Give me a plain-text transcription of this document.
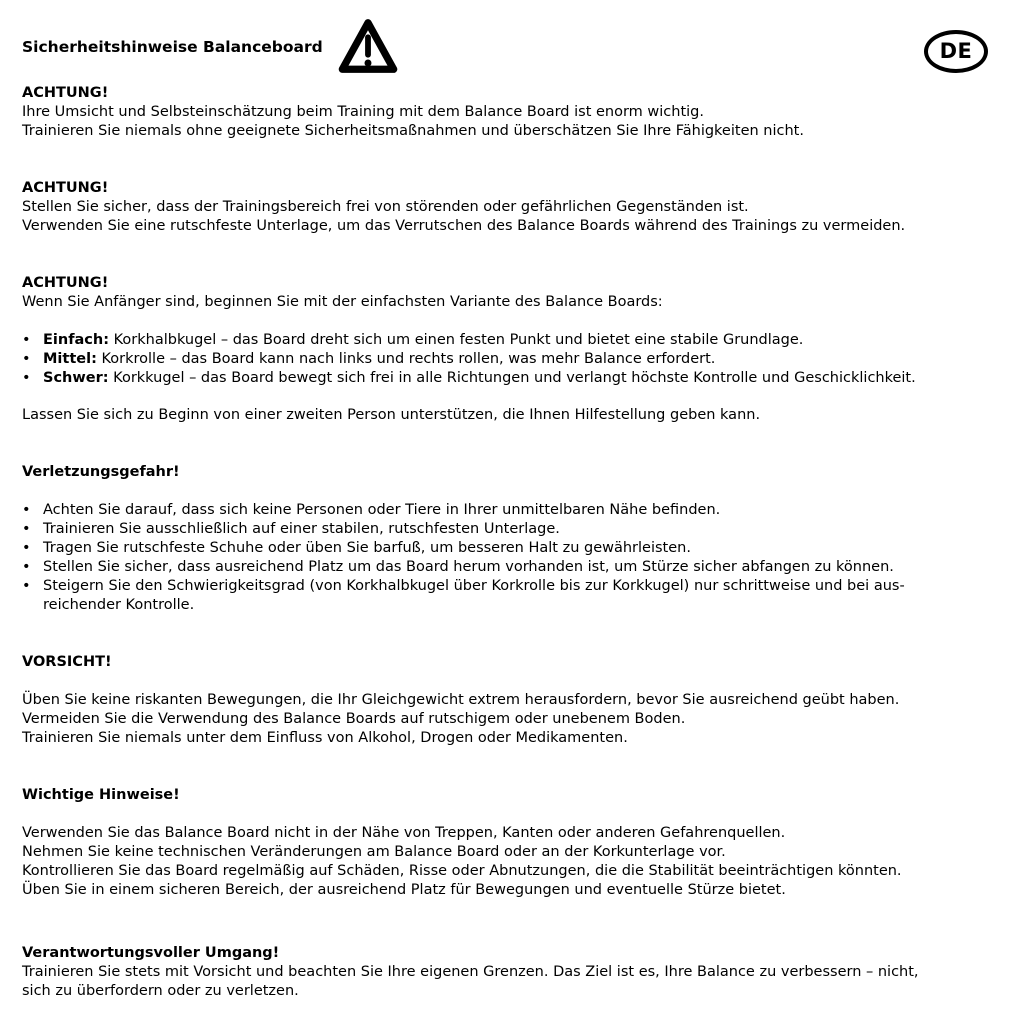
Sicherheitshinweise Balanceboard	DE
ACHTUNG!
Ihre Umsicht und Selbsteinschätzung beim Training mit dem Balance Board ist enorm wichtig.
Trainieren Sie niemals ohne geeignete Sicherheitsmaßnahmen und überschätzen Sie Ihre Fähigkeiten nicht.
ACHTUNG!
Stellen Sie sicher, dass der Trainingsbereich frei von störenden oder gefährlichen Gegenständen ist.
Verwenden Sie eine rutschfeste Unterlage, um das Verrutschen des Balance Boards während des Trainings zu vermeiden.
ACHTUNG!
Wenn Sie Anfänger sind, beginnen Sie mit der einfachsten Variante des Balance Boards:
• Einfach: Korkhalbkugel – das Board dreht sich um einen festen Punkt und bietet eine stabile Grundlage.
• Mittel: Korkrolle – das Board kann nach links und rechts rollen, was mehr Balance erfordert.
• Schwer: Korkkugel – das Board bewegt sich frei in alle Richtungen und verlangt höchste Kontrolle und Geschicklichkeit.
Lassen Sie sich zu Beginn von einer zweiten Person unterstützen, die Ihnen Hilfestellung geben kann.
Verletzungsgefahr!
• Achten Sie darauf, dass sich keine Personen oder Tiere in Ihrer unmittelbaren Nähe befinden.
• Trainieren Sie ausschließlich auf einer stabilen, rutschfesten Unterlage.
• Tragen Sie rutschfeste Schuhe oder üben Sie barfuß, um besseren Halt zu gewährleisten.
• Stellen Sie sicher, dass ausreichend Platz um das Board herum vorhanden ist, um Stürze sicher abfangen zu können.
• Steigern Sie den Schwierigkeitsgrad (von Korkhalbkugel über Korkrolle bis zur Korkkugel) nur schrittweise und bei aus-
reichender Kontrolle.
VORSICHT!
Üben Sie keine riskanten Bewegungen, die Ihr Gleichgewicht extrem herausfordern, bevor Sie ausreichend geübt haben.
Vermeiden Sie die Verwendung des Balance Boards auf rutschigem oder unebenem Boden.
Trainieren Sie niemals unter dem Einfluss von Alkohol, Drogen oder Medikamenten.
Wichtige Hinweise!
Verwenden Sie das Balance Board nicht in der Nähe von Treppen, Kanten oder anderen Gefahrenquellen.
Nehmen Sie keine technischen Veränderungen am Balance Board oder an der Korkunterlage vor.
Kontrollieren Sie das Board regelmäßig auf Schäden, Risse oder Abnutzungen, die die Stabilität beeinträchtigen könnten.
Üben Sie in einem sicheren Bereich, der ausreichend Platz für Bewegungen und eventuelle Stürze bietet.
Verantwortungsvoller Umgang!
Trainieren Sie stets mit Vorsicht und beachten Sie Ihre eigenen Grenzen. Das Ziel ist es, Ihre Balance zu verbessern – nicht,
sich zu überfordern oder zu verletzen.
